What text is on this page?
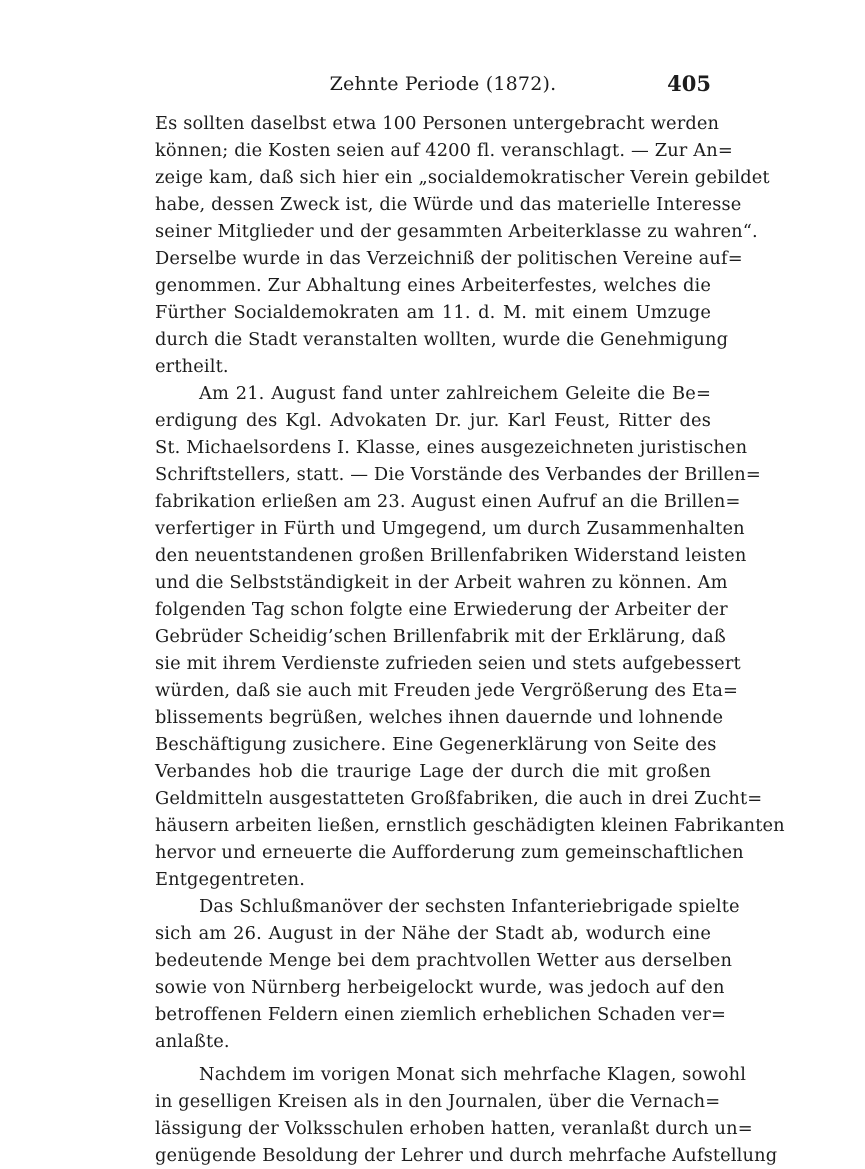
Zehnte Periode (1872).	405
Es sollten daselbst etwa 100 Personen untergebracht werden
können; die Kosten seien auf 4200 fl. veranschlagt. — Zur An=
zeige kam, daß sich hier ein „socialdemokratischer Verein gebildet
habe, dessen Zweck ist, die Würde und das materielle Interesse
seiner Mitglieder und der gesammten Arbeiterklasse zu wahren“.
Derselbe wurde in das Verzeichniß der politischen Vereine auf=
genommen. Zur Abhaltung eines Arbeiterfestes, welches die
Fürther Socialdemokraten am 11. d. M. mit einem Umzuge
durch die Stadt veranstalten wollten, wurde die Genehmigung
ertheilt.
Am 21. August fand unter zahlreichem Geleite die Be=
erdigung des Kgl. Advokaten Dr. jur. Karl Feust, Ritter des
St. Michaelsordens I. Klasse, eines ausgezeichneten juristischen
Schriftstellers, statt. — Die Vorstände des Verbandes der Brillen=
fabrikation erließen am 23. August einen Aufruf an die Brillen=
verfertiger in Fürth und Umgegend, um durch Zusammenhalten
den neuentstandenen großen Brillenfabriken Widerstand leisten
und die Selbstständigkeit in der Arbeit wahren zu können. Am
folgenden Tag schon folgte eine Erwiederung der Arbeiter der
Gebrüder Scheidig’schen Brillenfabrik mit der Erklärung, daß
sie mit ihrem Verdienste zufrieden seien und stets aufgebessert
würden, daß sie auch mit Freuden jede Vergrößerung des Eta=
blissements begrüßen, welches ihnen dauernde und lohnende
Beschäftigung zusichere. Eine Gegenerklärung von Seite des
Verbandes hob die traurige Lage der durch die mit großen
Geldmitteln ausgestatteten Großfabriken, die auch in drei Zucht=
häusern arbeiten ließen, ernstlich geschädigten kleinen Fabrikanten
hervor und erneuerte die Aufforderung zum gemeinschaftlichen
Entgegentreten.
Das Schlußmanöver der sechsten Infanteriebrigade spielte
sich am 26. August in der Nähe der Stadt ab, wodurch eine
bedeutende Menge bei dem prachtvollen Wetter aus derselben
sowie von Nürnberg herbeigelockt wurde, was jedoch auf den
betroffenen Feldern einen ziemlich erheblichen Schaden ver=
anlaßte.
Nachdem im vorigen Monat sich mehrfache Klagen, sowohl
in geselligen Kreisen als in den Journalen, über die Vernach=
lässigung der Volksschulen erhoben hatten, veranlaßt durch un=
genügende Besoldung der Lehrer und durch mehrfache Aufstellung
